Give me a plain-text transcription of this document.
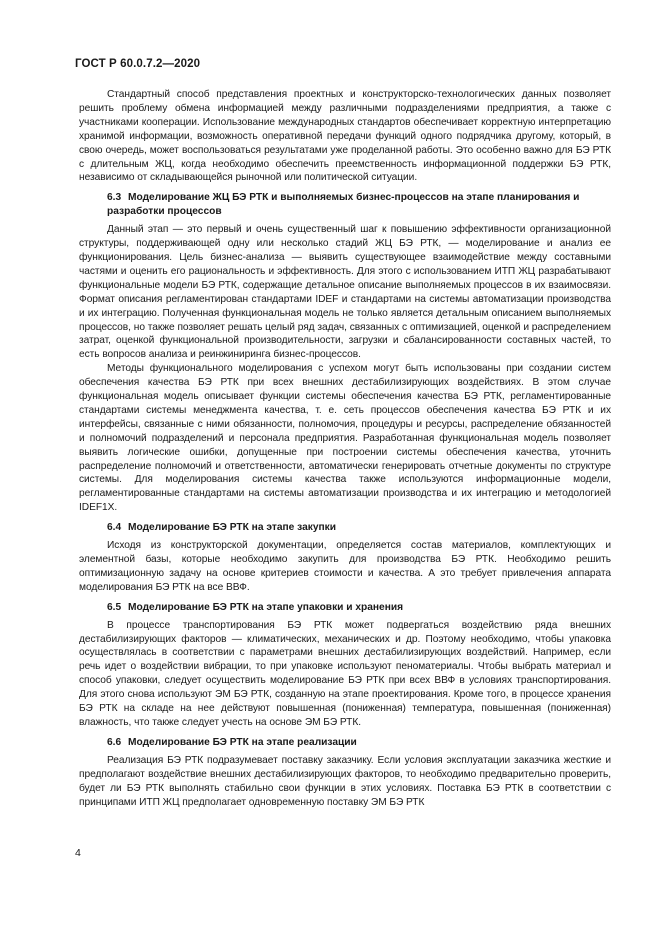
ГОСТ Р 60.0.7.2—2020

Стандартный способ представления проектных и конструкторско-технологических данных позволяет решить проблему обмена информацией между различными подразделениями предприятия, а также с участниками кооперации. Использование международных стандартов обеспечивает корректную интерпретацию хранимой информации, возможность оперативной передачи функций одного подрядчика другому, который, в свою очередь, может воспользоваться результатами уже проделанной работы. Это особенно важно для БЭ РТК с длительным ЖЦ, когда необходимо обеспечить преемственность информационной поддержки БЭ РТК, независимо от складывающейся рыночной или политической ситуации.

6.3 Моделирование ЖЦ БЭ РТК и выполняемых бизнес-процессов на этапе планирования и разработки процессов

Данный этап — это первый и очень существенный шаг к повышению эффективности организационной структуры, поддерживающей одну или несколько стадий ЖЦ БЭ РТК, — моделирование и анализ ее функционирования. Цель бизнес-анализа — выявить существующее взаимодействие между составными частями и оценить его рациональность и эффективность. Для этого с использованием ИТП ЖЦ разрабатывают функциональные модели БЭ РТК, содержащие детальное описание выполняемых процессов в их взаимосвязи. Формат описания регламентирован стандартами IDEF и стандартами на системы автоматизации производства и их интеграцию. Полученная функциональная модель не только является детальным описанием выполняемых процессов, но также позволяет решать целый ряд задач, связанных с оптимизацией, оценкой и распределением затрат, оценкой функциональной производительности, загрузки и сбалансированности составных частей, то есть вопросов анализа и реинжиниринга бизнес-процессов.

Методы функционального моделирования с успехом могут быть использованы при создании систем обеспечения качества БЭ РТК при всех внешних дестабилизирующих воздействиях. В этом случае функциональная модель описывает функции системы обеспечения качества БЭ РТК, регламентированные стандартами системы менеджмента качества, т. е. сеть процессов обеспечения качества БЭ РТК и их интерфейсы, связанные с ними обязанности, полномочия, процедуры и ресурсы, распределение обязанностей и полномочий подразделений и персонала предприятия. Разработанная функциональная модель позволяет выявить логические ошибки, допущенные при построении системы обеспечения качества, уточнить распределение полномочий и ответственности, автоматически генерировать отчетные документы по структуре системы. Для моделирования системы качества также используются информационные модели, регламентированные стандартами на системы автоматизации производства и их интеграцию и методологией IDEF1X.

6.4 Моделирование БЭ РТК на этапе закупки

Исходя из конструкторской документации, определяется состав материалов, комплектующих и элементной базы, которые необходимо закупить для производства БЭ РТК. Необходимо решить оптимизационную задачу на основе критериев стоимости и качества. А это требует привлечения аппарата моделирования БЭ РТК на все ВВФ.

6.5 Моделирование БЭ РТК на этапе упаковки и хранения

В процессе транспортирования БЭ РТК может подвергаться воздействию ряда внешних дестабилизирующих факторов — климатических, механических и др. Поэтому необходимо, чтобы упаковка осуществлялась в соответствии с параметрами внешних дестабилизирующих воздействий. Например, если речь идет о воздействии вибрации, то при упаковке используют пеноматериалы. Чтобы выбрать материал и способ упаковки, следует осуществить моделирование БЭ РТК при всех ВВФ в условиях транспортирования. Для этого снова используют ЭМ БЭ РТК, созданную на этапе проектирования. Кроме того, в процессе хранения БЭ РТК на складе на нее действуют повышенная (пониженная) температура, повышенная (пониженная) влажность, что также следует учесть на основе ЭМ БЭ РТК.

6.6 Моделирование БЭ РТК на этапе реализации

Реализация БЭ РТК подразумевает поставку заказчику. Если условия эксплуатации заказчика жесткие и предполагают воздействие внешних дестабилизирующих факторов, то необходимо предварительно проверить, будет ли БЭ РТК выполнять стабильно свои функции в этих условиях. Поставка БЭ РТК в соответствии с принципами ИТП ЖЦ предполагает одновременную поставку ЭМ БЭ РТК

4
